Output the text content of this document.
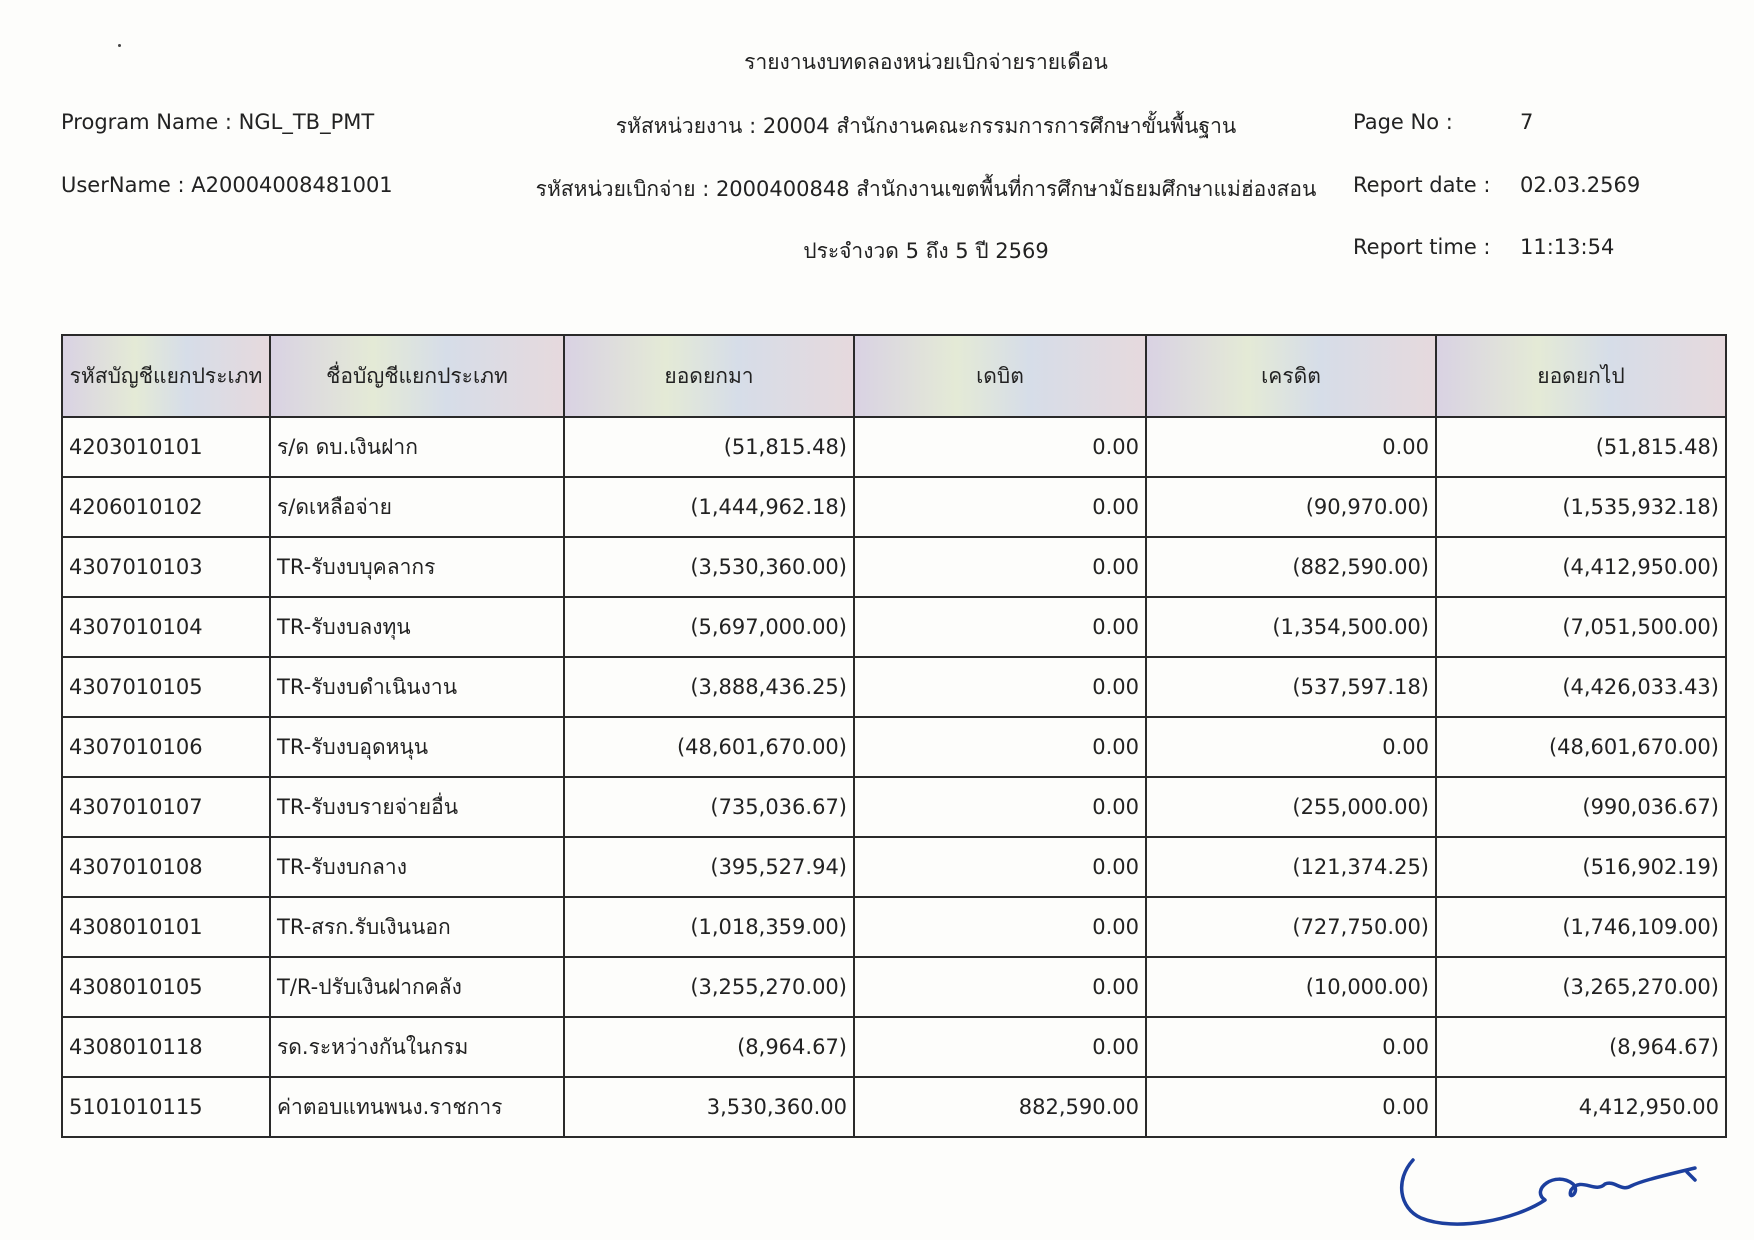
รายงานงบทดลองหน่วยเบิกจ่ายรายเดือน
Program Name : NGL_TB_PMT	รหัสหน่วยงาน : 20004 สำนักงานคณะกรรมการการศึกษาขั้นพื้นฐาน	Page No :	7
UserName : A20004008481001	รหัสหน่วยเบิกจ่าย : 2000400848 สำนักงานเขตพื้นที่การศึกษามัธยมศึกษาแม่ฮ่องสอน Report date : 02.03.2569
ประจำงวด 5 ถึง 5 ปี 2569	Report time : 11:13:54
รหัสบัญชีแยกประเภท	ชื่อบัญชีแยกประเภท	ยอดยกมา	เดบิต	เครดิต	ยอดยกไป
4203010101	ร/ด ดบ.เงินฝาก	(51,815.48)	0.00	0.00	(51,815.48)
4206010102	ร/ดเหลือจ่าย	(1,444,962.18)	0.00	(90,970.00)	(1,535,932.18)
4307010103	TR-รับงบบุคลากร	(3,530,360.00)	0.00	(882,590.00)	(4,412,950.00)
4307010104	TR-รับงบลงทุน	(5,697,000.00)	0.00	(1,354,500.00)	(7,051,500.00)
4307010105	TR-รับงบดำเนินงาน	(3,888,436.25)	0.00	(537,597.18)	(4,426,033.43)
4307010106	TR-รับงบอุดหนุน	(48,601,670.00)	0.00	0.00	(48,601,670.00)
4307010107	TR-รับงบรายจ่ายอื่น	(735,036.67)	0.00	(255,000.00)	(990,036.67)
4307010108	TR-รับงบกลาง	(395,527.94)	0.00	(121,374.25)	(516,902.19)
4308010101	TR-สรก.รับเงินนอก	(1,018,359.00)	0.00	(727,750.00)	(1,746,109.00)
4308010105	T/R-ปรับเงินฝากคลัง	(3,255,270.00)	0.00	(10,000.00)	(3,265,270.00)
4308010118	รด.ระหว่างกันในกรม	(8,964.67)	0.00	0.00	(8,964.67)
5101010115	ค่าตอบแทนพนง.ราชการ	3,530,360.00	882,590.00	0.00	4,412,950.00
